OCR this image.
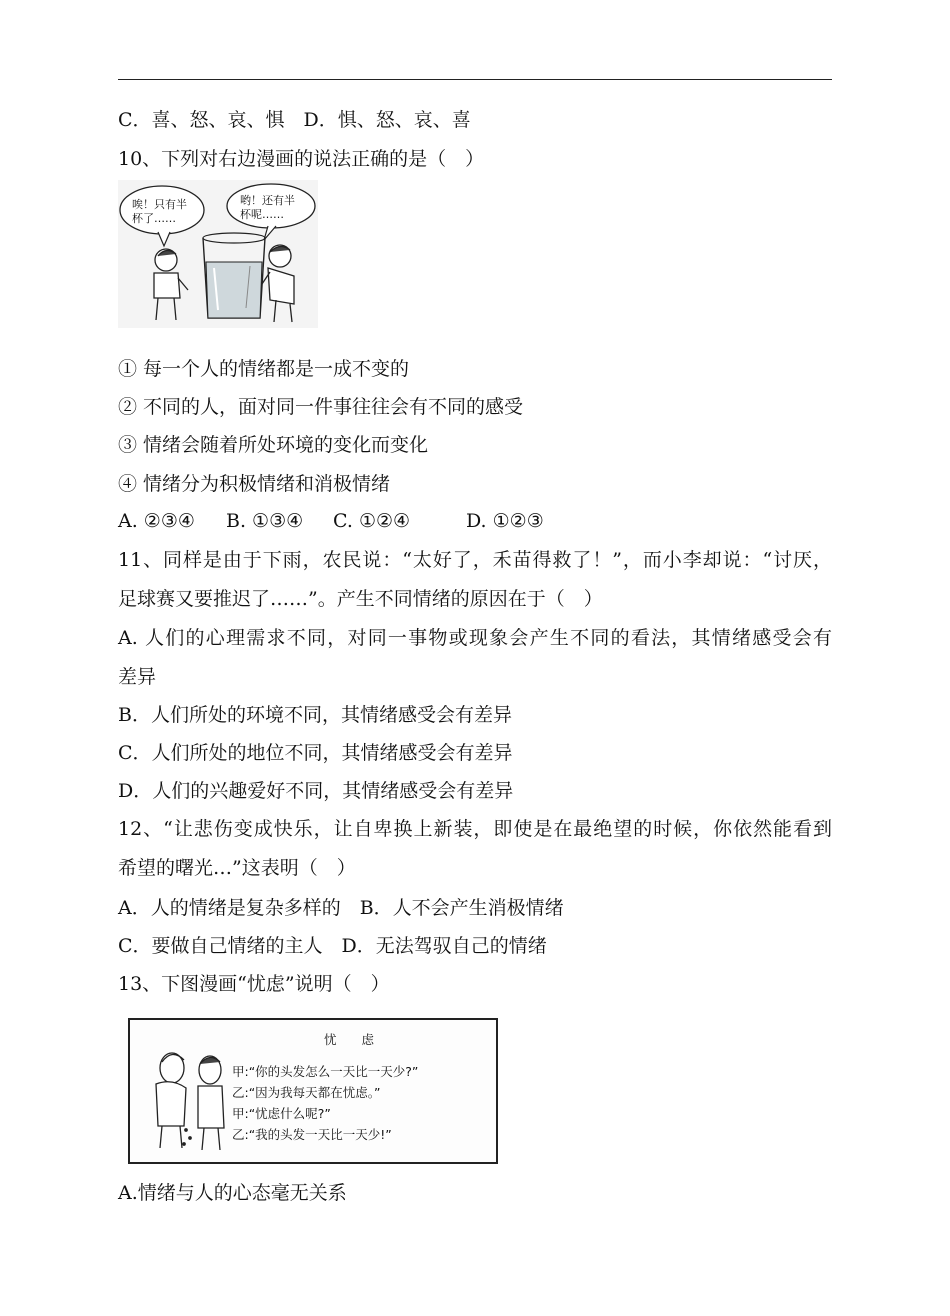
C．喜、怒、哀、惧　D．惧、怒、哀、喜
10、下列对右边漫画的说法正确的是（　）
唉！只有半
杯了……
哟！还有半
杯呢……
① 每一个人的情绪都是一成不变的
② 不同的人，面对同一件事往往会有不同的感受
③ 情绪会随着所处环境的变化而变化
④ 情绪分为积极情绪和消极情绪
A. ②③④ B. ①③④ C. ①②④	D. ①②③
11、同样是由于下雨，农民说：“太好了，禾苗得救了！”，而小李却说：“讨厌，
足球赛又要推迟了……”。产生不同情绪的原因在于（　）
A. 人们的心理需求不同，对同一事物或现象会产生不同的看法，其情绪感受会有
差异
B．人们所处的环境不同，其情绪感受会有差异
C．人们所处的地位不同，其情绪感受会有差异
D．人们的兴趣爱好不同，其情绪感受会有差异
12、“让悲伤变成快乐，让自卑换上新装，即使是在最绝望的时候，你依然能看到
希望的曙光…”这表明（　）
A．人的情绪是复杂多样的　B．人不会产生消极情绪
C．要做自己情绪的主人　D．无法驾驭自己的情绪
13、下图漫画“忧虑”说明（　）
忧　　虑
甲:“你的头发怎么一天比一天少?”
乙:“因为我每天都在忧虑。”
甲:“忧虑什么呢?”
乙:“我的头发一天比一天少!”
A.情绪与人的心态毫无关系
